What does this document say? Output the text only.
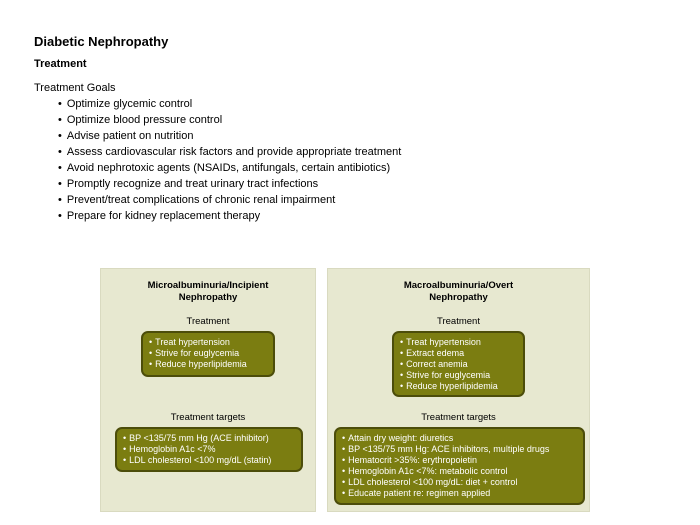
Diabetic Nephropathy
Treatment
Treatment Goals
• Optimize glycemic control
• Optimize blood pressure control
• Advise patient on nutrition
• Assess cardiovascular risk factors and provide appropriate treatment
• Avoid nephrotoxic agents (NSAIDs, antifungals, certain antibiotics)
• Promptly recognize and treat urinary tract infections
• Prevent/treat complications of chronic renal impairment
• Prepare for kidney replacement therapy
Microalbuminuria/Incipient
Nephropathy
Treatment
• Treat hypertension
• Strive for euglycemia
• Reduce hyperlipidemia
Treatment targets
• BP <135/75 mm Hg (ACE inhibitor)
• Hemoglobin A1c <7%
• LDL cholesterol <100 mg/dL (statin)
Macroalbuminuria/Overt
Nephropathy
Treatment
• Treat hypertension
• Extract edema
• Correct anemia
• Strive for euglycemia
• Reduce hyperlipidemia
Treatment targets
• Attain dry weight: diuretics
• BP <135/75 mm Hg: ACE inhibitors, multiple drugs
• Hematocrit >35%: erythropoietin
• Hemoglobin A1c <7%: metabolic control
• LDL cholesterol <100 mg/dL: diet + control
• Educate patient re: regimen applied
